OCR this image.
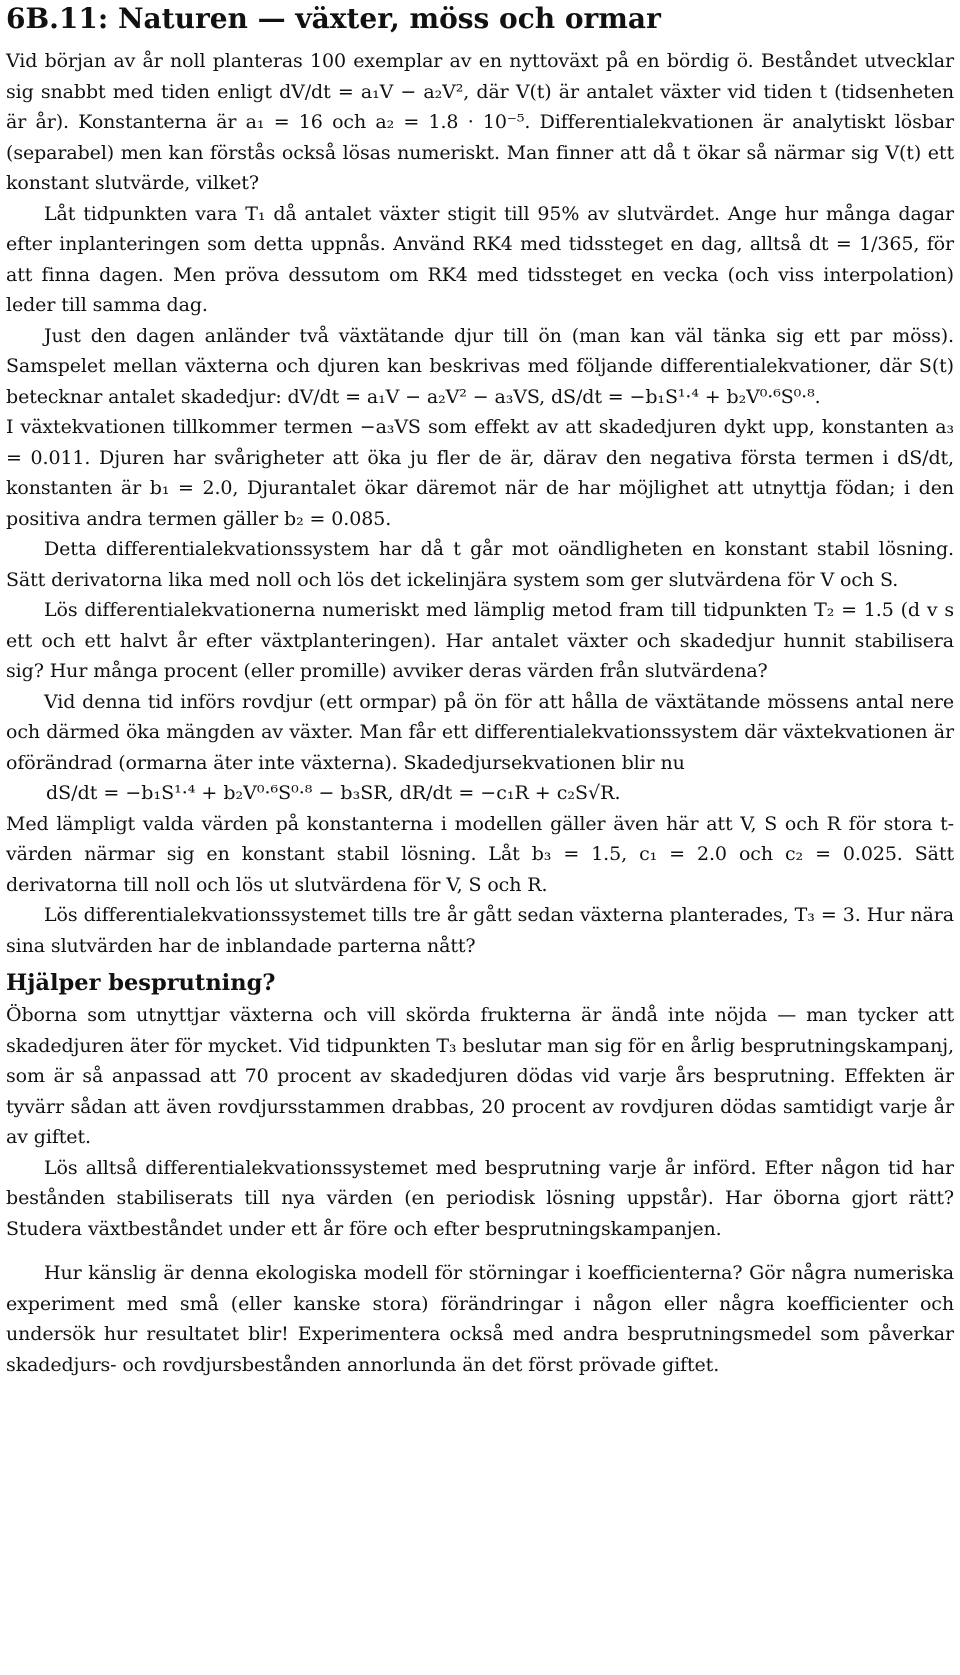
6B.11: Naturen — växter, möss och ormar

Vid början av år noll planteras 100 exemplar av en nyttoväxt på en bördig ö. Beståndet utvecklar sig snabbt med tiden enligt dV/dt = a₁V − a₂V², där V(t) är antalet växter vid tiden t (tidsenheten är år). Konstanterna är a₁ = 16 och a₂ = 1.8 · 10⁻⁵. Differentialekvationen är analytiskt lösbar (separabel) men kan förstås också lösas numeriskt. Man finner att då t ökar så närmar sig V(t) ett konstant slutvärde, vilket?

Låt tidpunkten vara T₁ då antalet växter stigit till 95% av slutvärdet. Ange hur många dagar efter inplanteringen som detta uppnås. Använd RK4 med tidssteget en dag, alltså dt = 1/365, för att finna dagen. Men pröva dessutom om RK4 med tidssteget en vecka (och viss interpolation) leder till samma dag.

Just den dagen anländer två växtätande djur till ön (man kan väl tänka sig ett par möss). Samspelet mellan växterna och djuren kan beskrivas med följande differentialekvationer, där S(t) betecknar antalet skadedjur: dV/dt = a₁V − a₂V² − a₃VS, dS/dt = −b₁S¹·⁴ + b₂V⁰·⁶S⁰·⁸.

I växtekvationen tillkommer termen −a₃VS som effekt av att skadedjuren dykt upp, konstanten a₃ = 0.011. Djuren har svårigheter att öka ju fler de är, därav den negativa första termen i dS/dt, konstanten är b₁ = 2.0, Djurantalet ökar däremot när de har möjlighet att utnyttja födan; i den positiva andra termen gäller b₂ = 0.085.

Detta differentialekvationssystem har då t går mot oändligheten en konstant stabil lösning. Sätt derivatorna lika med noll och lös det ickelinjära system som ger slutvärdena för V och S.

Lös differentialekvationerna numeriskt med lämplig metod fram till tidpunkten T₂ = 1.5 (d v s ett och ett halvt år efter växtplanteringen). Har antalet växter och skadedjur hunnit stabilisera sig? Hur många procent (eller promille) avviker deras värden från slutvärdena?

Vid denna tid införs rovdjur (ett ormpar) på ön för att hålla de växtätande mössens antal nere och därmed öka mängden av växter. Man får ett differentialekvationssystem där växtekvationen är oförändrad (ormarna äter inte växterna). Skadedjursekvationen blir nu

dS/dt = −b₁S¹·⁴ + b₂V⁰·⁶S⁰·⁸ − b₃SR, dR/dt = −c₁R + c₂S√R.

Med lämpligt valda värden på konstanterna i modellen gäller även här att V, S och R för stora t-värden närmar sig en konstant stabil lösning. Låt b₃ = 1.5, c₁ = 2.0 och c₂ = 0.025. Sätt derivatorna till noll och lös ut slutvärdena för V, S och R.

Lös differentialekvationssystemet tills tre år gått sedan växterna planterades, T₃ = 3. Hur nära sina slutvärden har de inblandade parterna nått?

Hjälper besprutning?

Öborna som utnyttjar växterna och vill skörda frukterna är ändå inte nöjda — man tycker att skadedjuren äter för mycket. Vid tidpunkten T₃ beslutar man sig för en årlig besprutningskampanj, som är så anpassad att 70 procent av skadedjuren dödas vid varje års besprutning. Effekten är tyvärr sådan att även rovdjursstammen drabbas, 20 procent av rovdjuren dödas samtidigt varje år av giftet.

Lös alltså differentialekvationssystemet med besprutning varje år införd. Efter någon tid har bestånden stabiliserats till nya värden (en periodisk lösning uppstår). Har öborna gjort rätt? Studera växtbeståndet under ett år före och efter besprutningskampanjen.

Hur känslig är denna ekologiska modell för störningar i koefficienterna? Gör några numeriska experiment med små (eller kanske stora) förändringar i någon eller några koefficienter och undersök hur resultatet blir! Experimentera också med andra besprutningsmedel som påverkar skadedjurs- och rovdjursbestånden annorlunda än det först prövade giftet.
